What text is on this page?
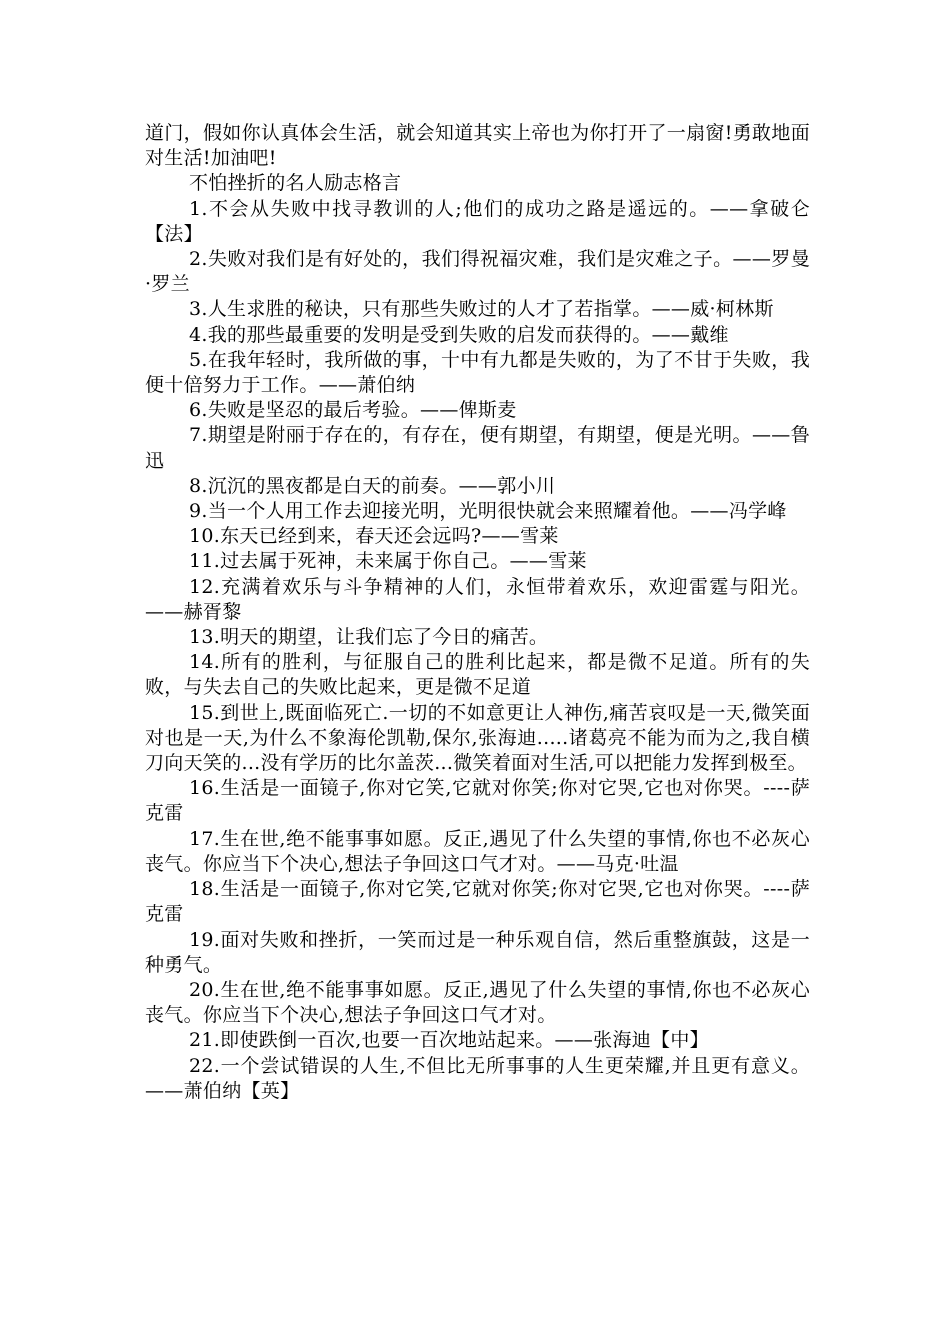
道门，假如你认真体会生活，就会知道其实上帝也为你打开了一扇窗!勇敢地面对生活!加油吧!

不怕挫折的名人励志格言

1.不会从失败中找寻教训的人;他们的成功之路是遥远的。——拿破仑【法】

2.失败对我们是有好处的，我们得祝福灾难，我们是灾难之子。——罗曼·罗兰

3.人生求胜的秘诀，只有那些失败过的人才了若指掌。——威·柯林斯

4.我的那些最重要的发明是受到失败的启发而获得的。——戴维

5.在我年轻时，我所做的事，十中有九都是失败的，为了不甘于失败，我便十倍努力于工作。——萧伯纳

6.失败是坚忍的最后考验。——俾斯麦

7.期望是附丽于存在的，有存在，便有期望，有期望，便是光明。——鲁迅

8.沉沉的黑夜都是白天的前奏。——郭小川

9.当一个人用工作去迎接光明，光明很快就会来照耀着他。——冯学峰

10.东天已经到来，春天还会远吗?——雪莱

11.过去属于死神，未来属于你自己。——雪莱

12.充满着欢乐与斗争精神的人们，永恒带着欢乐，欢迎雷霆与阳光。——赫胥黎

13.明天的期望，让我们忘了今日的痛苦。

14.所有的胜利，与征服自己的胜利比起来，都是微不足道。所有的失败，与失去自己的失败比起来，更是微不足道

15.到世上,既面临死亡.一切的不如意更让人神伤,痛苦哀叹是一天,微笑面对也是一天,为什么不象海伦凯勒,保尔,张海迪.....诸葛亮不能为而为之,我自横刀向天笑的...没有学历的比尔盖茨...微笑着面对生活,可以把能力发挥到极至。

16.生活是一面镜子,你对它笑,它就对你笑;你对它哭,它也对你哭。----萨克雷

17.生在世,绝不能事事如愿。反正,遇见了什么失望的事情,你也不必灰心丧气。你应当下个决心,想法子争回这口气才对。——马克·吐温

18.生活是一面镜子,你对它笑,它就对你笑;你对它哭,它也对你哭。----萨克雷

19.面对失败和挫折，一笑而过是一种乐观自信，然后重整旗鼓，这是一种勇气。

20.生在世,绝不能事事如愿。反正,遇见了什么失望的事情,你也不必灰心丧气。你应当下个决心,想法子争回这口气才对。

21.即使跌倒一百次,也要一百次地站起来。——张海迪【中】

22.一个尝试错误的人生,不但比无所事事的人生更荣耀,并且更有意义。——萧伯纳【英】
